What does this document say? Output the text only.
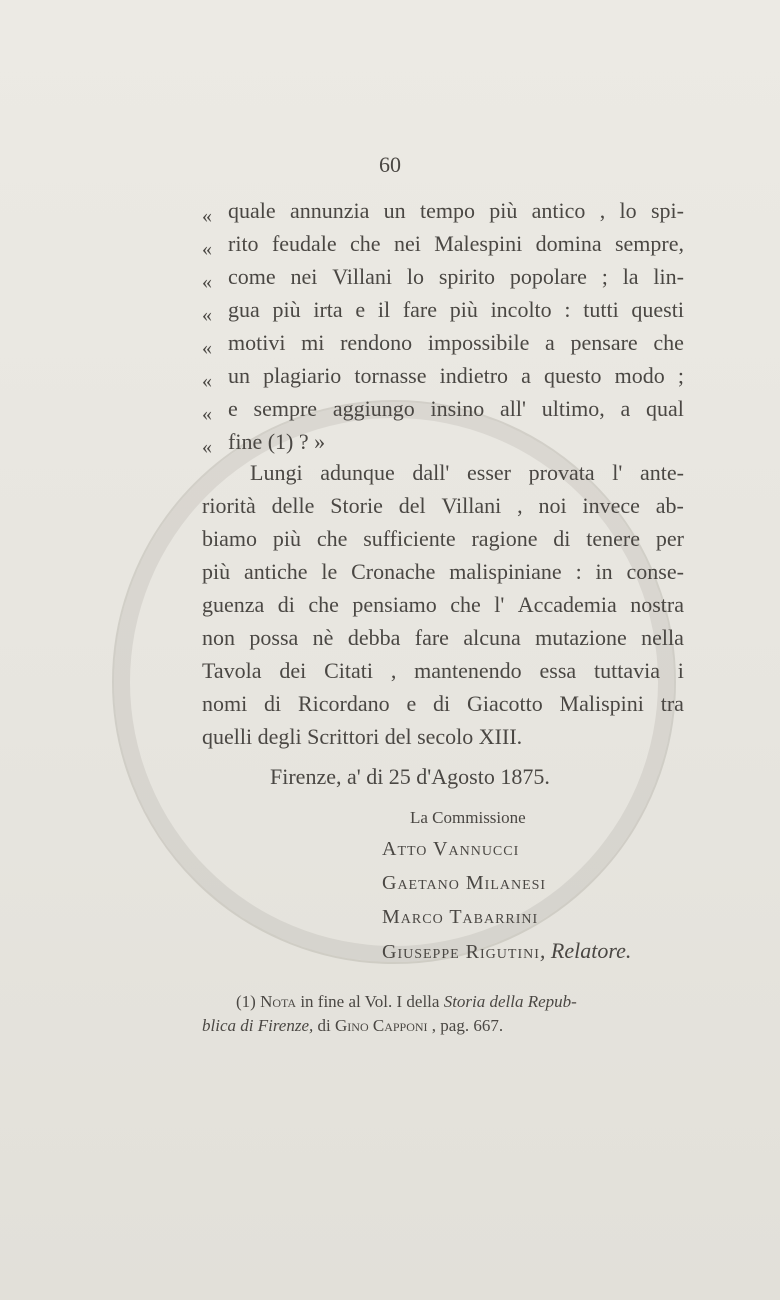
60
« quale annunzia un tempo più antico , lo spi-
« rito feudale che nei Malespini domina sempre,
« come nei Villani lo spirito popolare ; la lin-
« gua più irta e il fare più incolto : tutti questi
« motivi mi rendono impossibile a pensare che
« un plagiario tornasse indietro a questo modo ;
« e sempre aggiungo insino all' ultimo, a qual
« fine (1) ? »
Lungi adunque dall' esser provata l' ante-
riorità delle Storie del Villani , noi invece ab-
biamo più che sufficiente ragione di tenere per
più antiche le Cronache malispiniane : in conse-
guenza di che pensiamo che l' Accademia nostra
non possa nè debba fare alcuna mutazione nella
Tavola dei Citati , mantenendo essa tuttavia i
nomi di Ricordano e di Giacotto Malispini tra
quelli degli Scrittori del secolo XIII.
Firenze, a' di 25 d'Agosto 1875.
La Commissione
Atto Vannucci
Gaetano Milanesi
Marco Tabarrini
Giuseppe Rigutini, Relatore.
(1) Nota in fine al Vol. I della Storia della Repub-
blica di Firenze, di Gino Capponi , pag. 667.
